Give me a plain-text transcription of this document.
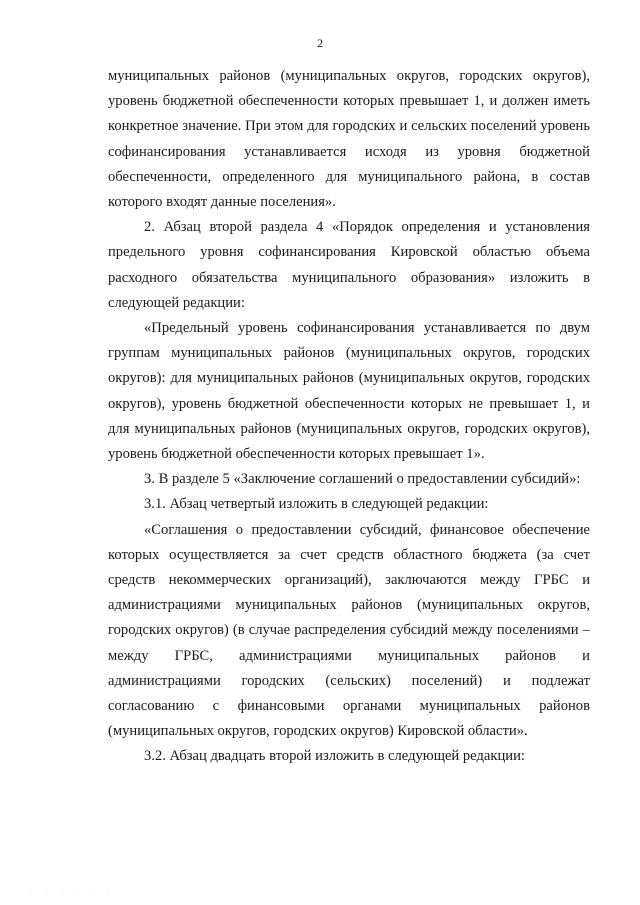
2

муниципальных районов (муниципальных округов, городских округов), уровень бюджетной обеспеченности которых превышает 1, и должен иметь конкретное значение. При этом для городских и сельских поселений уровень софинансирования устанавливается исходя из уровня бюджетной обеспеченности, определенного для муниципального района, в состав которого входят данные поселения».

2. Абзац второй раздела 4 «Порядок определения и установления предельного уровня софинансирования Кировской областью объема расходного обязательства муниципального образования» изложить в следующей редакции:

«Предельный уровень софинансирования устанавливается по двум группам муниципальных районов (муниципальных округов, городских округов): для муниципальных районов (муниципальных округов, городских округов), уровень бюджетной обеспеченности которых не превышает 1, и для муниципальных районов (муниципальных округов, городских округов), уровень бюджетной обеспеченности которых превышает 1».

3. В разделе 5 «Заключение соглашений о предоставлении субсидий»:

3.1. Абзац четвертый изложить в следующей редакции:

«Соглашения о предоставлении субсидий, финансовое обеспечение которых осуществляется за счет средств областного бюджета (за счет средств некоммерческих организаций), заключаются между ГРБС и администрациями муниципальных районов (муниципальных округов, городских округов) (в случае распределения субсидий между поселениями – между ГРБС, администрациями муниципальных районов и администрациями городских (сельских) поселений) и подлежат согласованию с финансовыми органами муниципальных районов (муниципальных округов, городских округов) Кировской области».

3.2. Абзац двадцать второй изложить в следующей редакции:

· · · · · ·
